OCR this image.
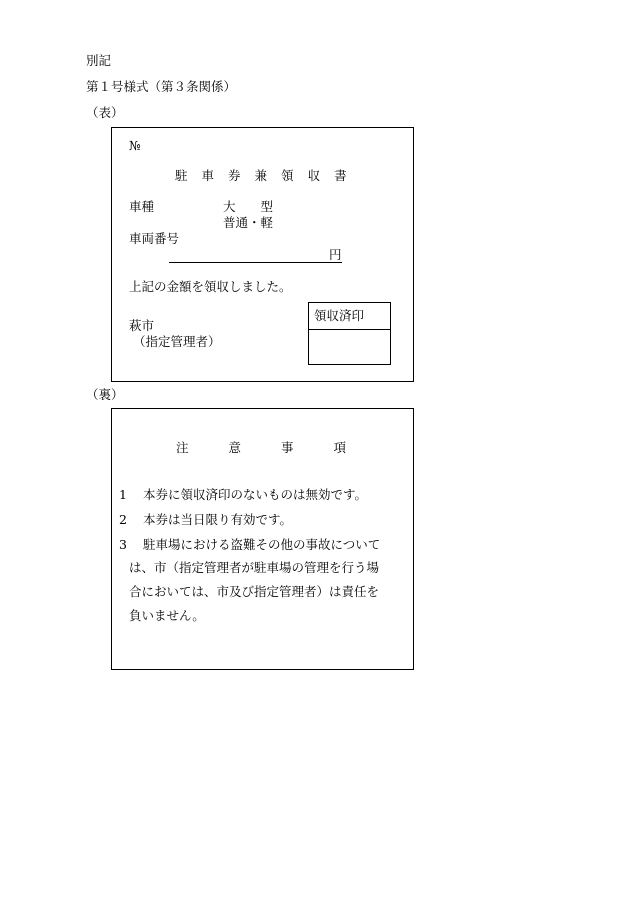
別記
第１号様式（第３条関係）
（表）
№
駐 車 券 兼 領 収 書
車種	大　　型
普通・軽
車両番号
円
上記の金額を領収しました。
萩市
（指定管理者）
領収済印
（裏）
注	意	事	項
1 本券に領収済印のないものは無効です。
2 本券は当日限り有効です。
3 駐車場における盗難その他の事故について
は、市（指定管理者が駐車場の管理を行う場
合においては、市及び指定管理者）は責任を
負いません。
